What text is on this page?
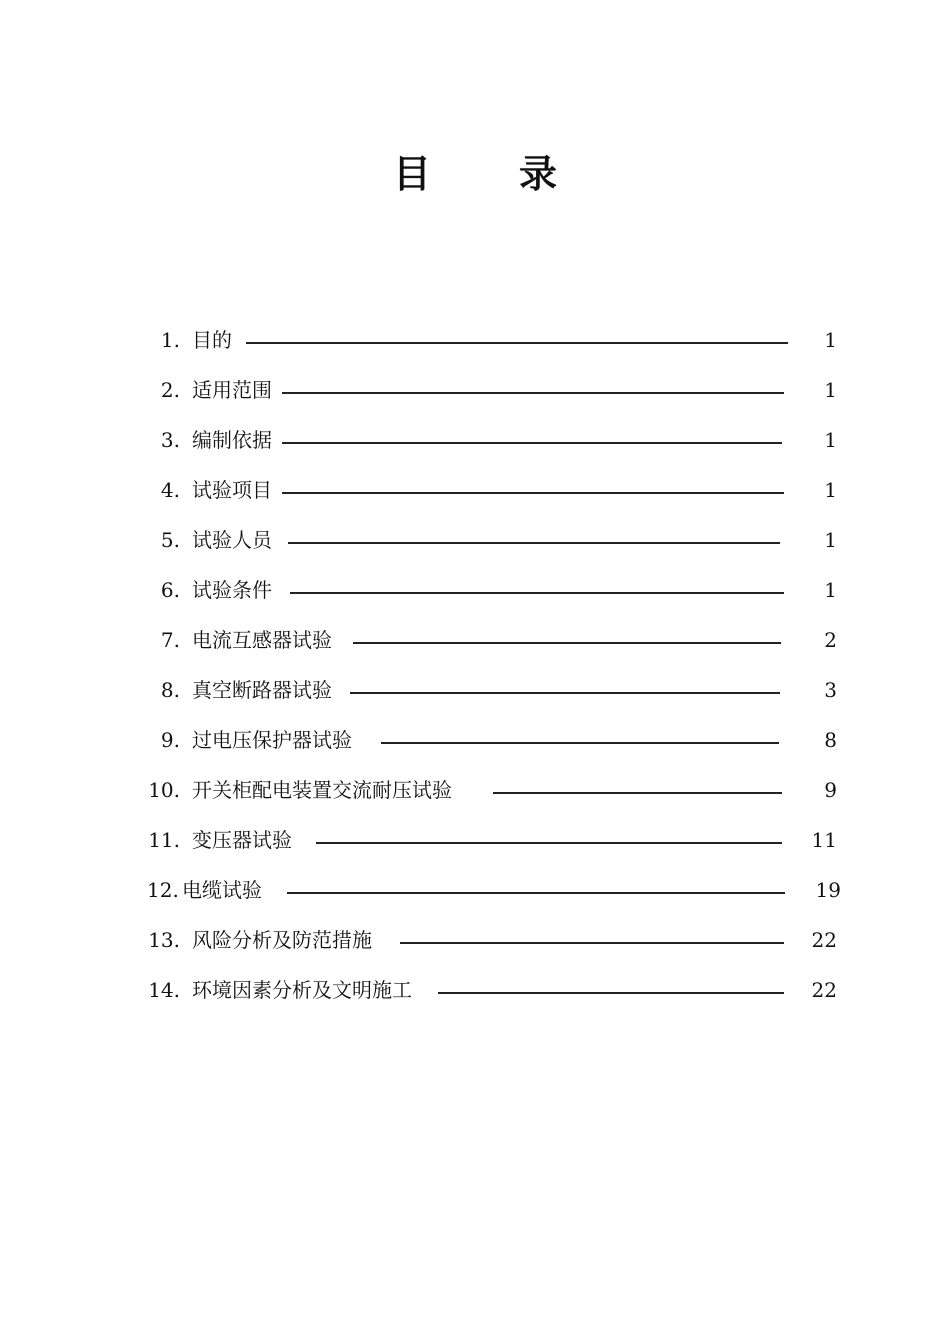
目录
1. 目的	1
2. 适用范围	1
3. 编制依据	1
4. 试验项目	1
5. 试验人员	1
6. 试验条件	1
7. 电流互感器试验	2
8. 真空断路器试验	3
9. 过电压保护器试验	8
10. 开关柜配电装置交流耐压试验	9
11. 变压器试验	11
12. 电缆试验	19
13. 风险分析及防范措施	22
14. 环境因素分析及文明施工	22
